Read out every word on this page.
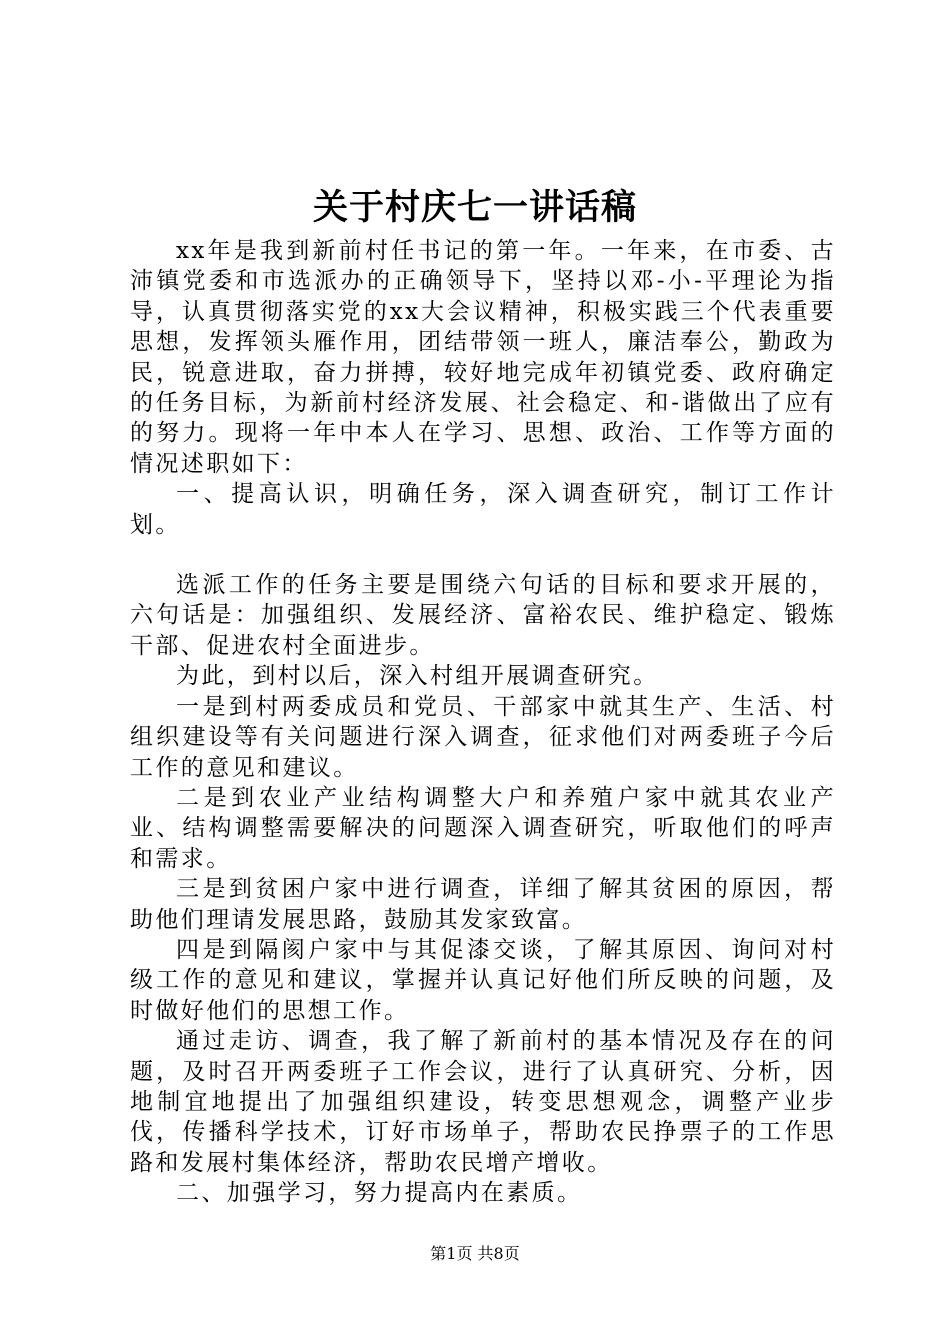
关于村庆七一讲话稿

xx年是我到新前村任书记的第一年。一年来，在市委、古沛镇党委和市选派办的正确领导下，坚持以邓-小-平理论为指导，认真贯彻落实党的xx大会议精神，积极实践三个代表重要思想，发挥领头雁作用，团结带领一班人，廉洁奉公，勤政为民，锐意进取，奋力拼搏，较好地完成年初镇党委、政府确定的任务目标，为新前村经济发展、社会稳定、和-谐做出了应有的努力。现将一年中本人在学习、思想、政治、工作等方面的情况述职如下：

一、提高认识，明确任务，深入调查研究，制订工作计划。

选派工作的任务主要是围绕六句话的目标和要求开展的，六句话是：加强组织、发展经济、富裕农民、维护稳定、锻炼干部、促进农村全面进步。

为此，到村以后，深入村组开展调查研究。

一是到村两委成员和党员、干部家中就其生产、生活、村组织建设等有关问题进行深入调查，征求他们对两委班子今后工作的意见和建议。

二是到农业产业结构调整大户和养殖户家中就其农业产业、结构调整需要解决的问题深入调查研究，听取他们的呼声和需求。

三是到贫困户家中进行调查，详细了解其贫困的原因，帮助他们理请发展思路，鼓励其发家致富。

四是到隔阂户家中与其促漆交谈，了解其原因、询问对村级工作的意见和建议，掌握并认真记好他们所反映的问题，及时做好他们的思想工作。

通过走访、调查，我了解了新前村的基本情况及存在的问题，及时召开两委班子工作会议，进行了认真研究、分析，因地制宜地提出了加强组织建设，转变思想观念，调整产业步伐，传播科学技术，订好市场单子，帮助农民挣票子的工作思路和发展村集体经济，帮助农民增产增收。

二、加强学习，努力提高内在素质。

第1页 共8页
